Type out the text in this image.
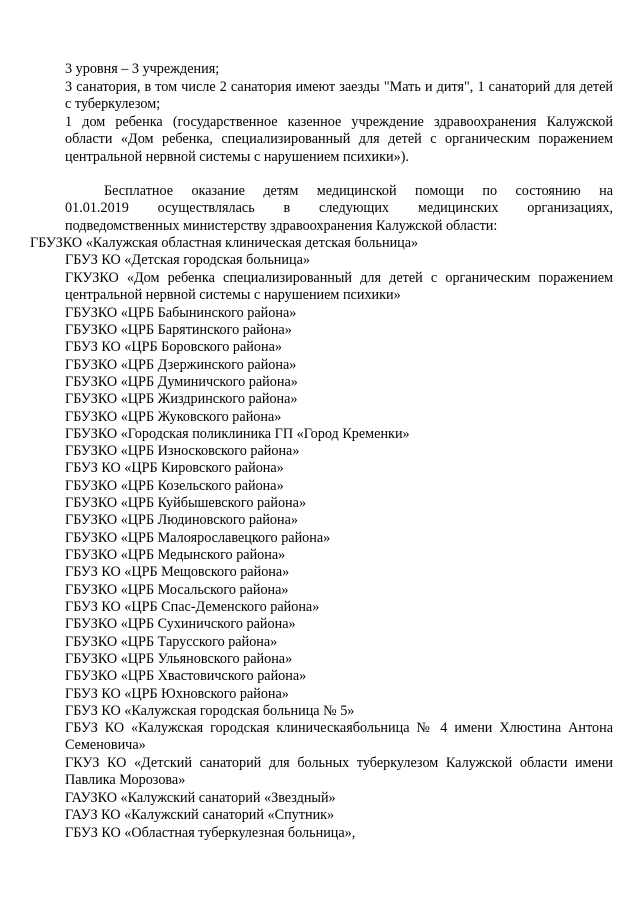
3 уровня – 3 учреждения;

3 санатория, в том числе 2 санатория имеют заезды "Мать и дитя", 1 санаторий для детей с туберкулезом;

1 дом ребенка (государственное казенное учреждение здравоохранения Калужской области «Дом ребенка, специализированный для детей с органическим поражением центральной нервной системы с нарушением психики»).

Бесплатное оказание детям медицинской помощи по состоянию на

01.01.2019 осуществлялась в следующих медицинских организациях,

подведомственных министерству здравоохранения Калужской области:

ГБУЗКО «Калужская областная клиническая детская больница»

ГБУЗ КО «Детская городская больница»

ГКУЗКО «Дом ребенка специализированный для детей с органическим поражением центральной нервной системы с нарушением психики»

ГБУЗКО «ЦРБ Бабынинского района»

ГБУЗКО «ЦРБ Барятинского района»

ГБУЗ КО «ЦРБ Боровского района»

ГБУЗКО «ЦРБ Дзержинского района»

ГБУЗКО «ЦРБ Думиничского района»

ГБУЗКО «ЦРБ Жиздринского района»

ГБУЗКО «ЦРБ Жуковского района»

ГБУЗКО «Городская поликлиника ГП «Город Кременки»

ГБУЗКО «ЦРБ Износковского района»

ГБУЗ КО «ЦРБ Кировского района»

ГБУЗКО «ЦРБ Козельского района»

ГБУЗКО «ЦРБ Куйбышевского района»

ГБУЗКО «ЦРБ Людиновского района»

ГБУЗКО «ЦРБ Малоярославецкого района»

ГБУЗКО «ЦРБ Медынского района»

ГБУЗ КО «ЦРБ Мещовского района»

ГБУЗКО «ЦРБ Мосальского района»

ГБУЗ КО «ЦРБ Спас-Деменского района»

ГБУЗКО «ЦРБ Сухиничского района»

ГБУЗКО «ЦРБ Тарусского района»

ГБУЗКО «ЦРБ Ульяновского района»

ГБУЗКО «ЦРБ Хвастовичского района»

ГБУЗ КО «ЦРБ Юхновского района»

ГБУЗ КО «Калужская городская больница № 5»

ГБУЗ КО «Калужская городская клиническаябольница № 4 имени Хлюстина Антона Семеновича»

ГКУЗ КО «Детский санаторий для больных туберкулезом Калужской области имени Павлика Морозова»

ГАУЗКО «Калужский санаторий «Звездный»

ГАУЗ КО «Калужский санаторий «Спутник»

ГБУЗ КО «Областная туберкулезная больница»,
